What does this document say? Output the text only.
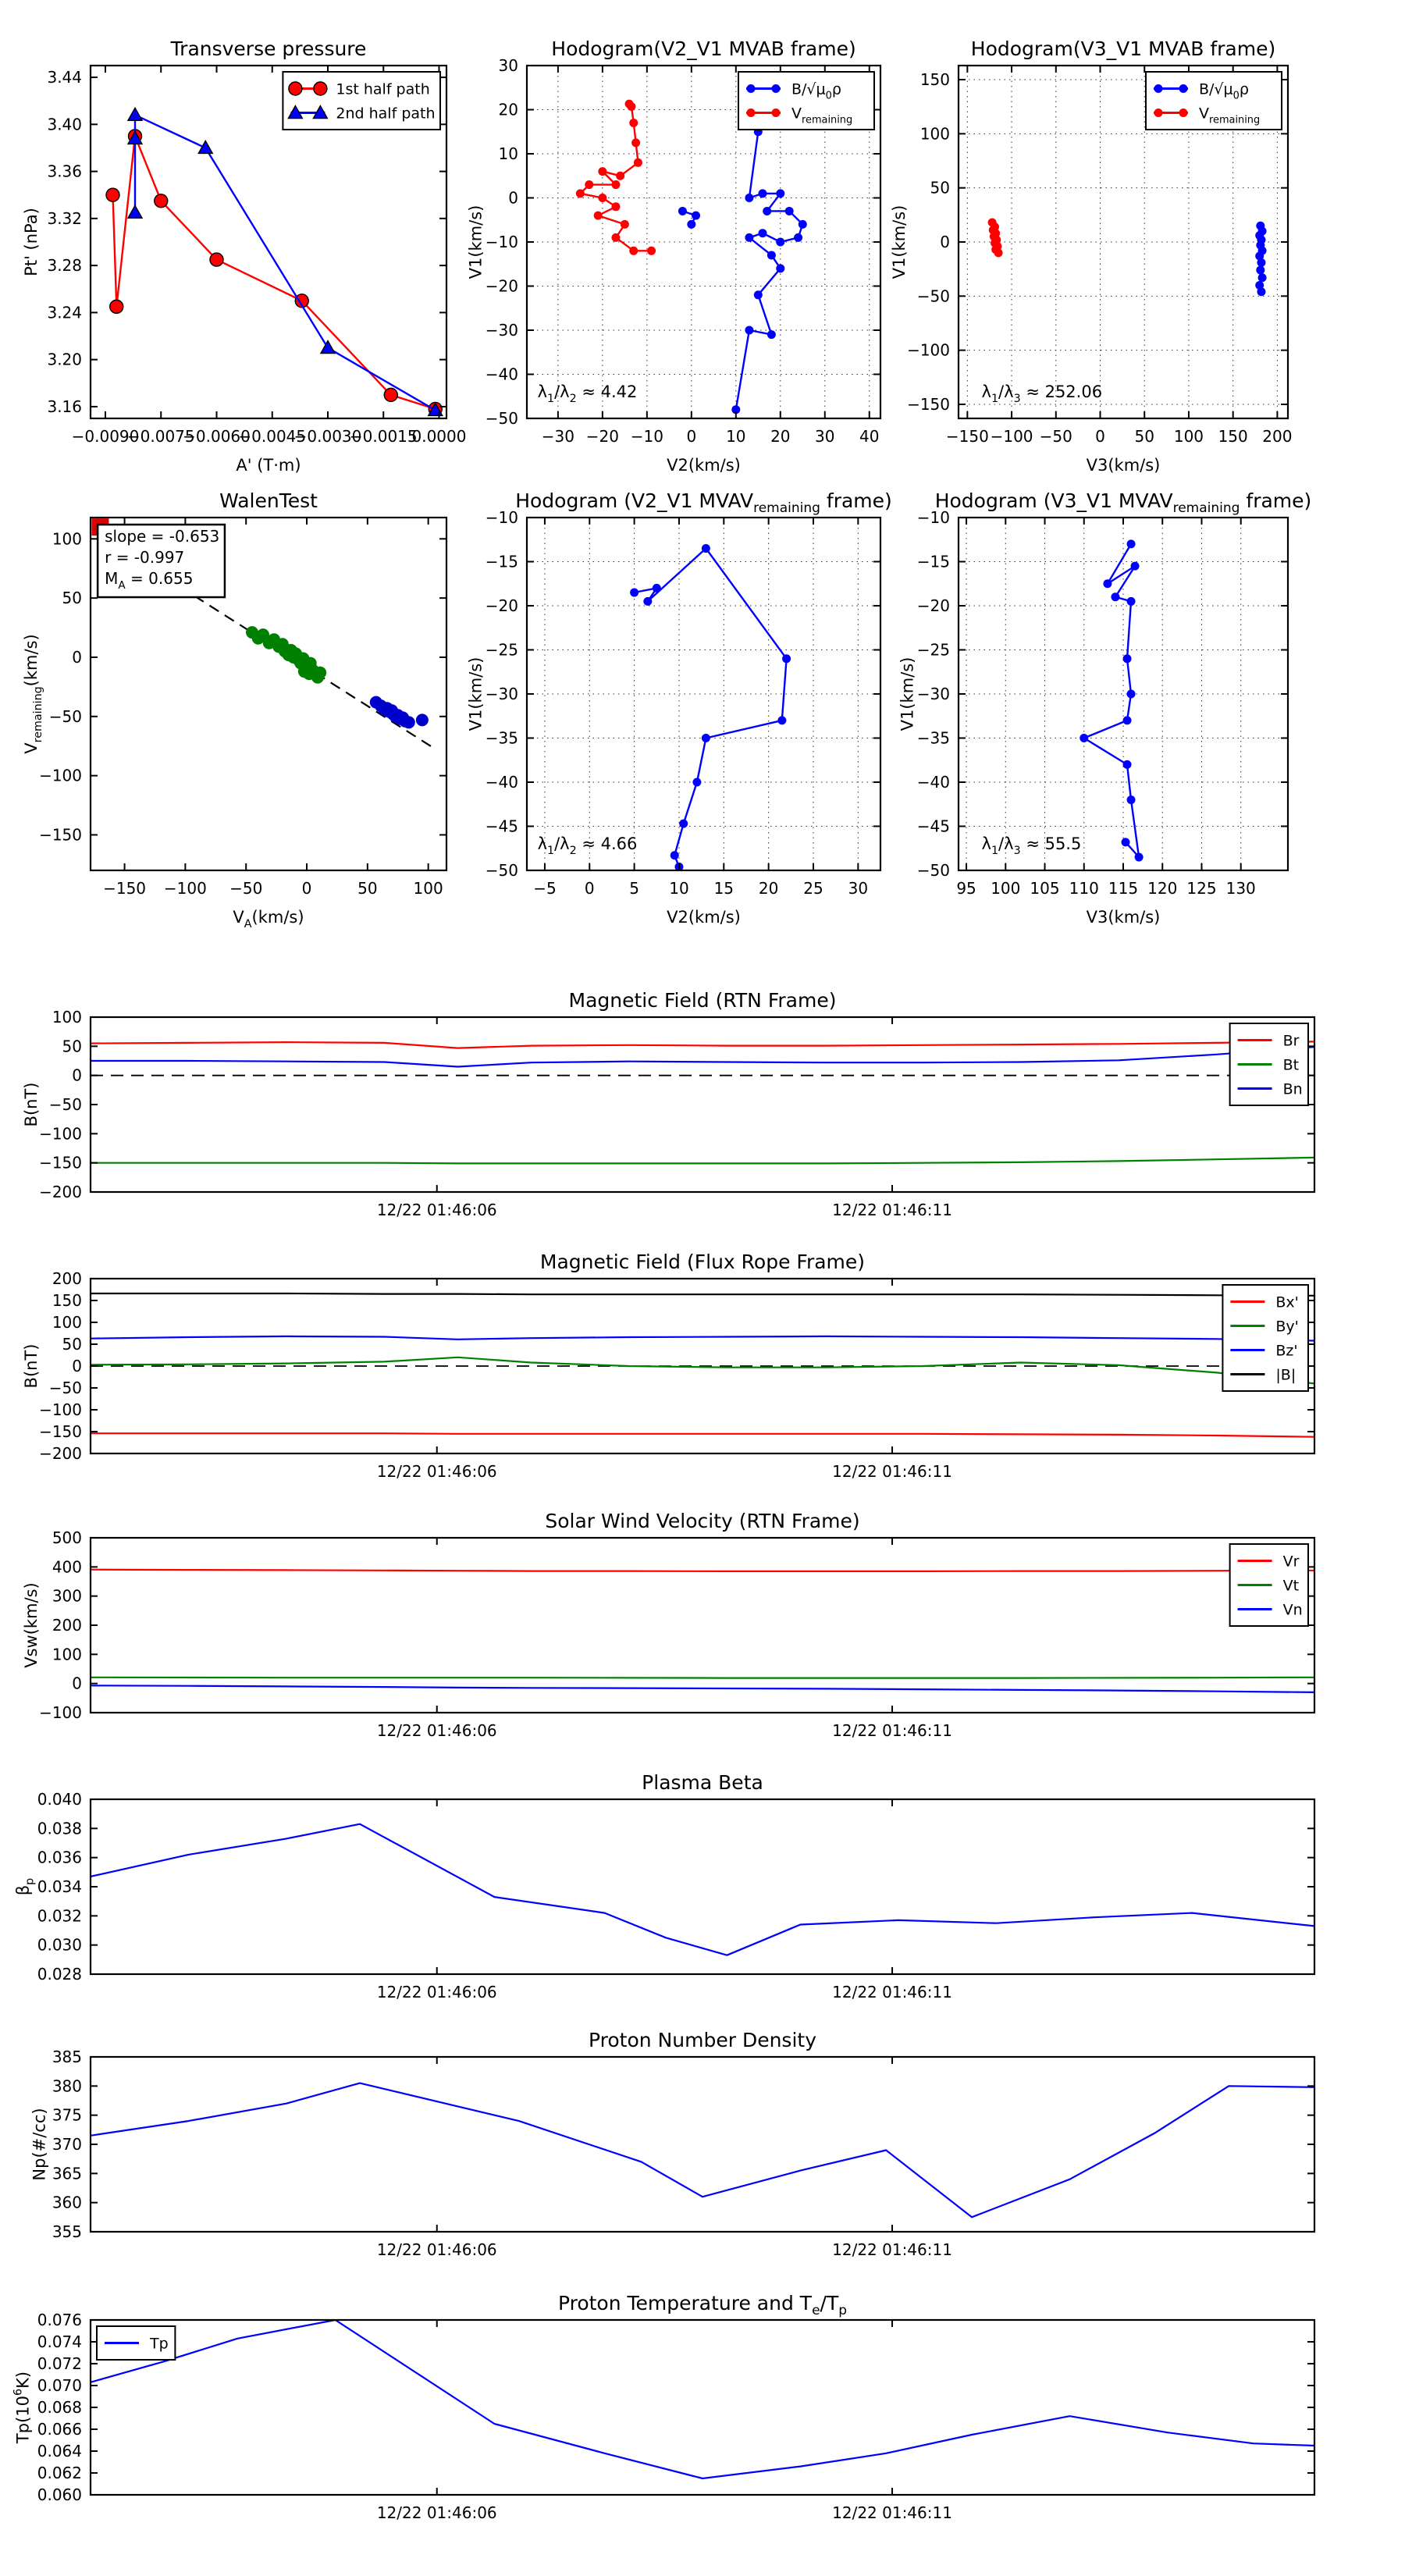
−0.0090
−0.0075
−0.0060
−0.0045
−0.0030
−0.0015
0.0000
3.16
3.20
3.24
3.28
3.32
3.36
3.40
3.44
Transverse pressure
A' (T·m)
Pt' (nPa)
1st half path
2nd half path
−30 −20 −10 0 10 20 30 40
−50
−40
−30
−20
−10
0
10
20
30
Hodogram(V2_V1 MVAB frame)
V2(km/s)
V1(km/s)
$B/√\mu_0\rho$
$V_{remaining}$
$\lambda_1/\lambda_2 \approx 4.42$
−150 −100 −50 0 50 100 150 200
−150
−100
−50
0
50
100
150
Hodogram(V3_V1 MVAB frame)
V3(km/s)
V1(km/s)
$B/√\mu_0\rho$
$V_{remaining}$
$\lambda_1/\lambda_3 \approx 252.06$
−150 −100 −50	0	50 100
−150
−100
−50
0
50
100
WalenTest
$V_A(km/s)$
$V_{remaining}(km/s)$
slope = -0.653
r = -0.997
$M_A = 0.655$
−5 0 5 10 15 20 25 30
−50
−45
−40
−35
−30
−25
−20
−15
−10
Hodogram (V2_V1 $MVAV_{remaining}$ frame)
V2(km/s)
V1(km/s)
$\lambda_1/\lambda_2 \approx 4.66$
95 100 105 110 115 120 125 130
−50
−45
−40
−35
−30
−25
−20
−15
−10
Hodogram (V3_V1 $MVAV_{remaining}$ frame)
V3(km/s)
V1(km/s)
$\lambda_1/\lambda_3 \approx 55.5$
12/22 01:46:06	12/22 01:46:11
−200
−150
−100
−50
0
50
100
Magnetic Field (RTN Frame)
B(nT)
Br
Bt
Bn
12/22 01:46:06	12/22 01:46:11
−200
−150
−100
−50
0
50
100
150
200
Magnetic Field (Flux Rope Frame)
B(nT)
Bx'
By'
Bz'
|B|
12/22 01:46:06	12/22 01:46:11
−100
0
100
200
300
400
500
Solar Wind Velocity (RTN Frame)
Vsw(km/s)
Vr
Vt
Vn
12/22 01:46:06	12/22 01:46:11
0.028
0.030
0.032
0.034
0.036
0.038
0.040
Plasma Beta
$\beta_p$
12/22 01:46:06	12/22 01:46:11
355
360
365
370
375
380
385
Proton Number Density
Np(#/cc)
12/22 01:46:06	12/22 01:46:11
0.060
0.062
0.064
0.066
0.068
0.070
0.072
0.074
0.076
Proton Temperature and $T_e/T_p$
$Tp(10^6K)$
Tp
